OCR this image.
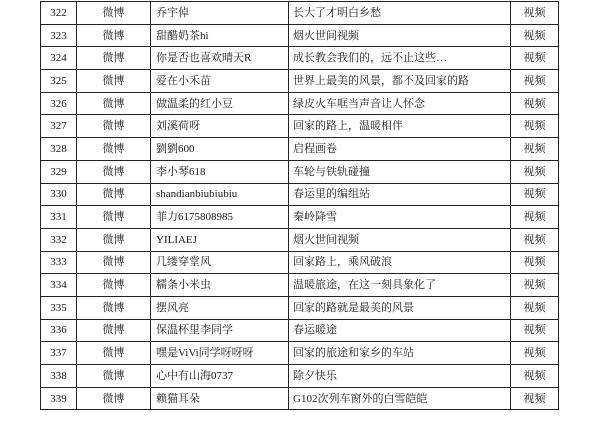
322	微博	乔宇倬	长大了才明白乡愁	视频
323	微博	甜醋奶茶hi	烟火世间视频	视频
324	微博	你是否也喜欢晴天R	成长教会我们的，远不止这些…	视频
325	微博	爱在小禾苗	世界上最美的风景，都不及回家的路	视频
326	微博	做温柔的红小豆	绿皮火车哐当声音让人怀念	视频
327	微博	刘溪荷呀	回家的路上，温暖相伴	视频
328	微博	劉劉600	启程画卷	视频
329	微博	李小琴618	车轮与铁轨碰撞	视频
330	微博	shandianbiubiubiu	春运里的编组站	视频
331	微博	菲力6175808985	秦岭降雪	视频
332	微博	YILIAEJ	烟火世间视频	视频
333	微博	几缕穿堂风	回家路上，乘风破浪	视频
334	微博	糯条小米虫	温暖旅途，在这一刻具象化了	视频
335	微博	摆风亮	回家的路就是最美的风景	视频
336	微博	保温杯里李同学	春运暖途	视频
337	微博	嘿是ViVi同学呀呀呀	回家的旅途和家乡的车站	视频
338	微博	心中有山海0737	除夕快乐	视频
339	微博	赖猫耳朵	G102次列车窗外的白雪皑皑	视频
